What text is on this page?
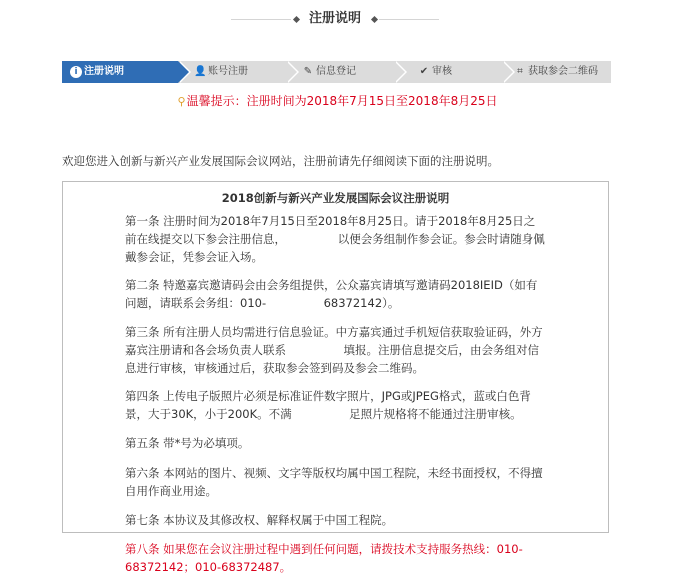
注册说明
i 注册说明	👤 账号注册	✎ 信息登记	✔ 审核	⌗ 获取参会二维码
⚲温馨提示：注册时间为2018年7月15日至2018年8月25日
欢迎您进入创新与新兴产业发展国际会议网站，注册前请先仔细阅读下面的注册说明。
2018创新与新兴产业发展国际会议注册说明

第一条 注册时间为2018年7月15日至2018年8月25日。请于2018年8月25日之前在线提交以下参会注册信息，　　　　　以便会务组制作参会证。参会时请随身佩戴参会证，凭参会证入场。

第二条 特邀嘉宾邀请码会由会务组提供，公众嘉宾请填写邀请码2018IEID（如有问题，请联系会务组：010-　　　　　68372142）。

第三条 所有注册人员均需进行信息验证。中方嘉宾通过手机短信获取验证码，外方嘉宾注册请和各会场负责人联系　　　　　填报。注册信息提交后，由会务组对信息进行审核，审核通过后，获取参会签到码及参会二维码。

第四条 上传电子版照片必须是标准证件数字照片，JPG或JPEG格式，蓝或白色背景，大于30K，小于200K。不满　　　　　足照片规格将不能通过注册审核。

第五条 带*号为必填项。

第六条 本网站的图片、视频、文字等版权均属中国工程院，未经书面授权，不得擅自用作商业用途。

第七条 本协议及其修改权、解释权属于中国工程院。

第八条 如果您在会议注册过程中遇到任何问题，请拨技术支持服务热线：010-68372142；010-68372487。
